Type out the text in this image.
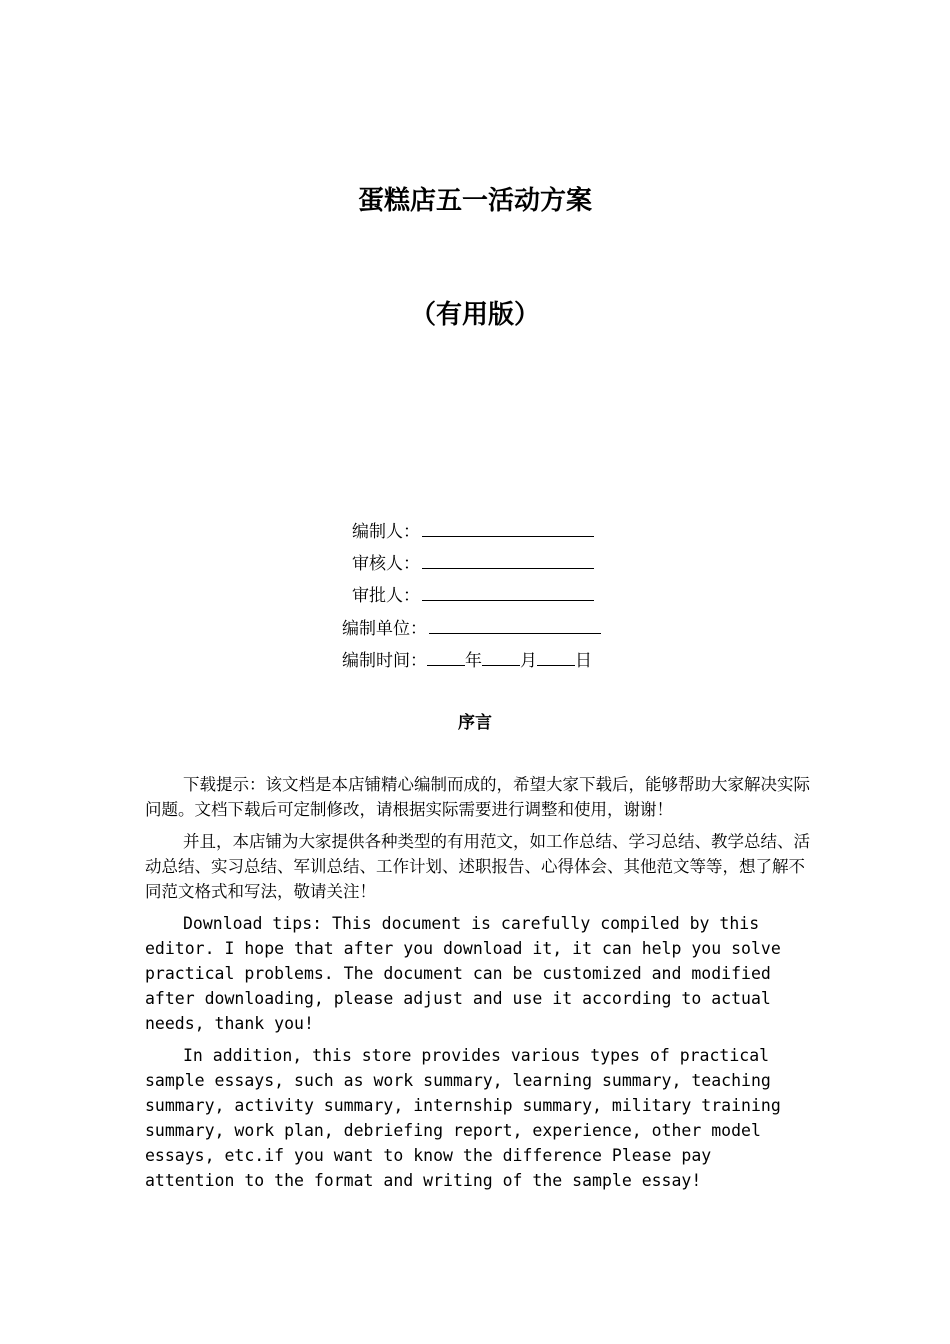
蛋糕店五一活动方案
（有用版）
编制人：
审核人：
审批人：
编制单位：
编制时间： 年 月 日
序言

下载提示：该文档是本店铺精心编制而成的，希望大家下载后，能够帮助大家解决实际问题。文档下载后可定制修改，请根据实际需要进行调整和使用，谢谢！

并且，本店铺为大家提供各种类型的有用范文，如工作总结、学习总结、教学总结、活动总结、实习总结、军训总结、工作计划、述职报告、心得体会、其他范文等等，想了解不同范文格式和写法，敬请关注！

Download tips: This document is carefully compiled by this editor. I hope that after you download it, it can help you solve practical problems. The document can be customized and modified after downloading, please adjust and use it according to actual needs, thank you!

In addition, this store provides various types of practical sample essays, such as work summary, learning summary, teaching summary, activity summary, internship summary, military training summary, work plan, debriefing report, experience, other model essays, etc.if you want to know the difference Please pay attention to the format and writing of the sample essay!
